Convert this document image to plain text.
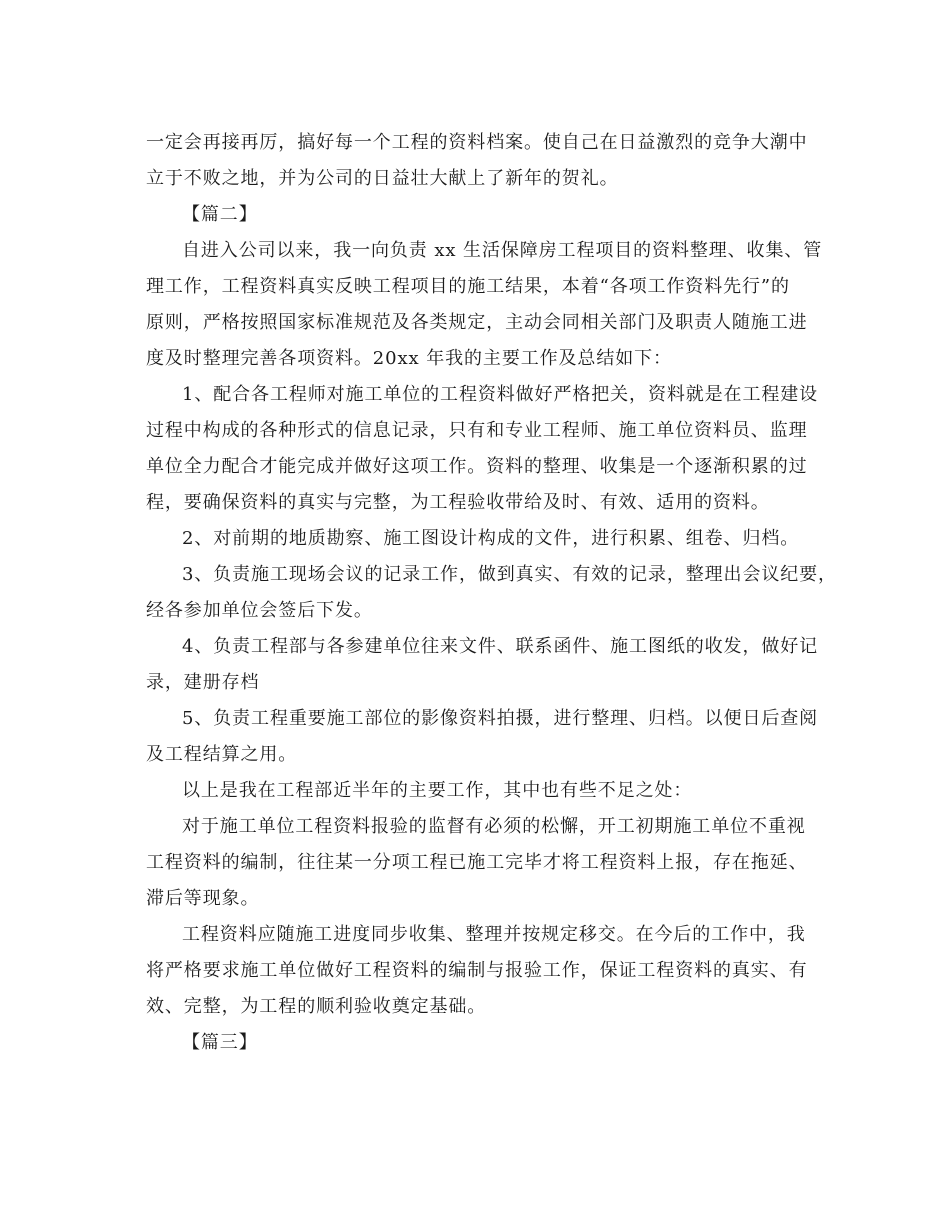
一定会再接再厉，搞好每一个工程的资料档案。使自己在日益激烈的竞争大潮中
立于不败之地，并为公司的日益壮大献上了新年的贺礼。
【篇二】
自进入公司以来，我一向负责 xx 生活保障房工程项目的资料整理、收集、管
理工作，工程资料真实反映工程项目的施工结果，本着“各项工作资料先行”的
原则，严格按照国家标准规范及各类规定，主动会同相关部门及职责人随施工进
度及时整理完善各项资料。20xx 年我的主要工作及总结如下：
1、配合各工程师对施工单位的工程资料做好严格把关，资料就是在工程建设
过程中构成的各种形式的信息记录，只有和专业工程师、施工单位资料员、监理
单位全力配合才能完成并做好这项工作。资料的整理、收集是一个逐渐积累的过
程，要确保资料的真实与完整，为工程验收带给及时、有效、适用的资料。
2、对前期的地质勘察、施工图设计构成的文件，进行积累、组卷、归档。
3、负责施工现场会议的记录工作，做到真实、有效的记录，整理出会议纪要，
经各参加单位会签后下发。
4、负责工程部与各参建单位往来文件、联系函件、施工图纸的收发，做好记
录，建册存档
5、负责工程重要施工部位的影像资料拍摄，进行整理、归档。以便日后查阅
及工程结算之用。
以上是我在工程部近半年的主要工作，其中也有些不足之处：
对于施工单位工程资料报验的监督有必须的松懈，开工初期施工单位不重视
工程资料的编制，往往某一分项工程已施工完毕才将工程资料上报，存在拖延、
滞后等现象。
工程资料应随施工进度同步收集、整理并按规定移交。在今后的工作中，我
将严格要求施工单位做好工程资料的编制与报验工作，保证工程资料的真实、有
效、完整，为工程的顺利验收奠定基础。
【篇三】
